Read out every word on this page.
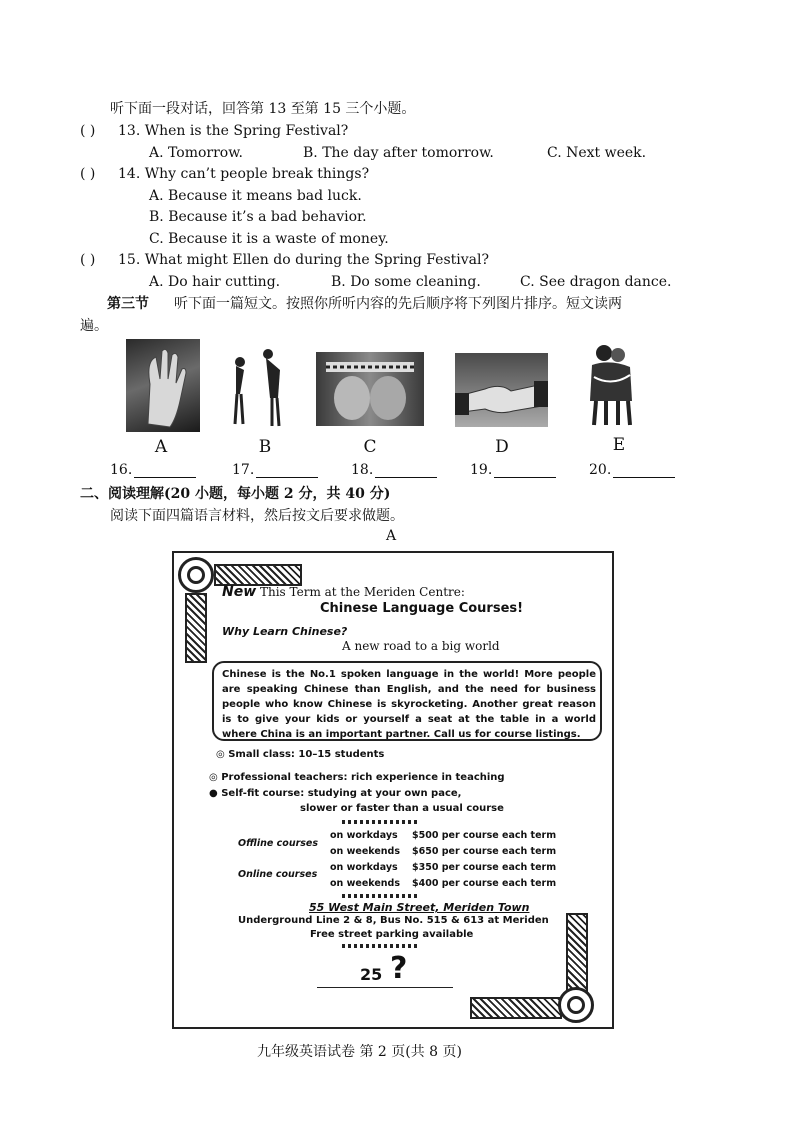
听下面一段对话，回答第 13 至第 15 三个小题。
( ) 13. When is the Spring Festival?
A. Tomorrow.	B. The day after tomorrow.	C. Next week.
( ) 14. Why can’t people break things?
A. Because it means bad luck.
B. Because it’s a bad behavior.
C. Because it is a waste of money.
( ) 15. What might Ellen do during the Spring Festival?
A. Do hair cutting.	B. Do some cleaning.	C. See dragon dance.
第三节 听下面一篇短文。按照你所听内容的先后顺序将下列图片排序。短文读两
遍。
A	B	C	D	E
16.	17.	18.	19.	20.
二、阅读理解(20 小题，每小题 2 分，共 40 分)
阅读下面四篇语言材料，然后按文后要求做题。
A
New This Term at the Meriden Centre:
Chinese Language Courses!
Why Learn Chinese?
A new road to a big world
Chinese is the No.1 spoken language in the world! More people are speaking Chinese than English, and the need for business people who know Chinese is skyrocketing. Another great reason is to give your kids or yourself a seat at the table in a world where China is an important partner. Call us for course listings.
◎ Small class: 10–15 students
◎ Professional teachers: rich experience in teaching
● Self-fit course: studying at your own pace,
slower or faster than a usual course
Offline courses
on workdays $500 per course each term
on weekends $650 per course each term
Online courses
on workdays $350 per course each term
on weekends $400 per course each term
55 West Main Street, Meriden Town
Underground Line 2 & 8, Bus No. 515 & 613 at Meriden
Free street parking available
25 ?
九年级英语试卷 第 2 页(共 8 页)
